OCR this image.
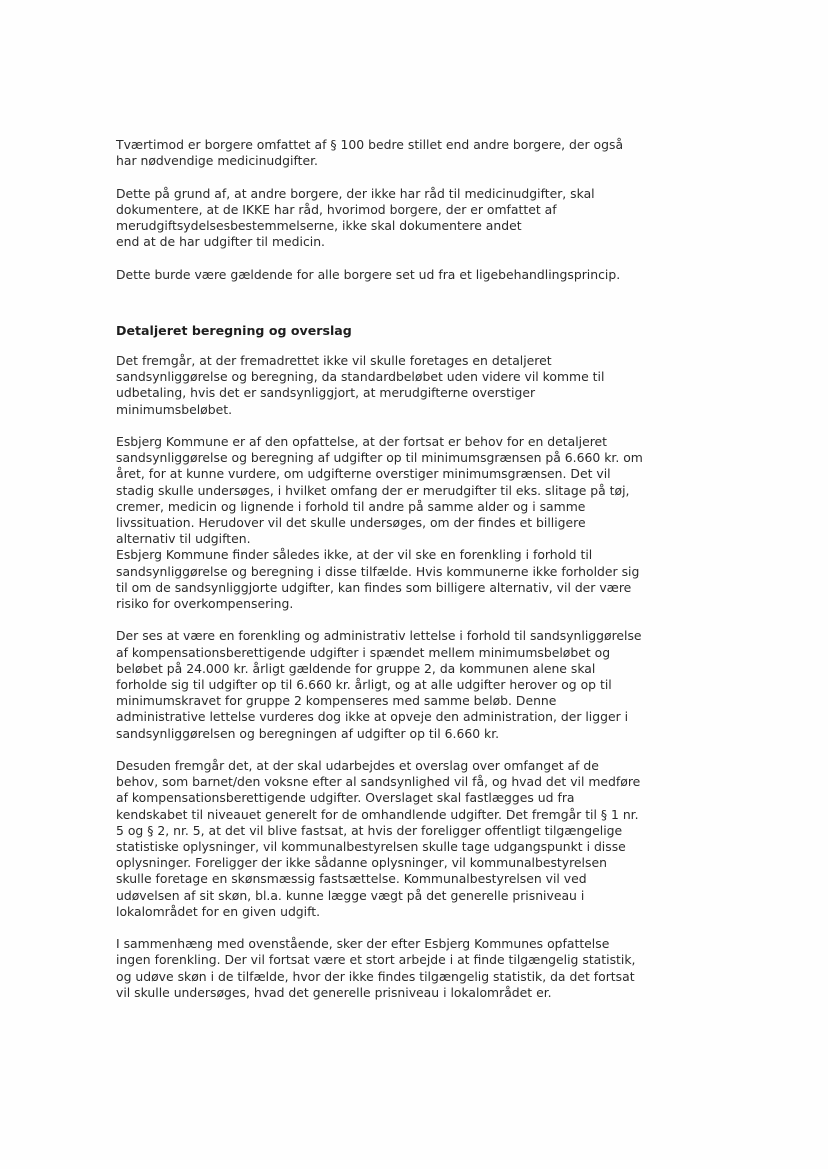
Tværtimod er borgere omfattet af § 100 bedre stillet end andre borgere, der også
har nødvendige medicinudgifter.
Dette på grund af, at andre borgere, der ikke har råd til medicinudgifter, skal
dokumentere, at de IKKE har råd, hvorimod borgere, der er omfattet af
merudgiftsydelsesbestemmelserne, ikke skal dokumentere andet
end at de har udgifter til medicin.
Dette burde være gældende for alle borgere set ud fra et ligebehandlingsprincip.
Detaljeret beregning og overslag
Det fremgår, at der fremadrettet ikke vil skulle foretages en detaljeret
sandsynliggørelse og beregning, da standardbeløbet uden videre vil komme til
udbetaling, hvis det er sandsynliggjort, at merudgifterne overstiger
minimumsbeløbet.
Esbjerg Kommune er af den opfattelse, at der fortsat er behov for en detaljeret
sandsynliggørelse og beregning af udgifter op til minimumsgrænsen på 6.660 kr. om
året, for at kunne vurdere, om udgifterne overstiger minimumsgrænsen. Det vil
stadig skulle undersøges, i hvilket omfang der er merudgifter til eks. slitage på tøj,
cremer, medicin og lignende i forhold til andre på samme alder og i samme
livssituation. Herudover vil det skulle undersøges, om der findes et billigere
alternativ til udgiften.
Esbjerg Kommune finder således ikke, at der vil ske en forenkling i forhold til
sandsynliggørelse og beregning i disse tilfælde. Hvis kommunerne ikke forholder sig
til om de sandsynliggjorte udgifter, kan findes som billigere alternativ, vil der være
risiko for overkompensering.
Der ses at være en forenkling og administrativ lettelse i forhold til sandsynliggørelse
af kompensationsberettigende udgifter i spændet mellem minimumsbeløbet og
beløbet på 24.000 kr. årligt gældende for gruppe 2, da kommunen alene skal
forholde sig til udgifter op til 6.660 kr. årligt, og at alle udgifter herover og op til
minimumskravet for gruppe 2 kompenseres med samme beløb. Denne
administrative lettelse vurderes dog ikke at opveje den administration, der ligger i
sandsynliggørelsen og beregningen af udgifter op til 6.660 kr.
Desuden fremgår det, at der skal udarbejdes et overslag over omfanget af de
behov, som barnet/den voksne efter al sandsynlighed vil få, og hvad det vil medføre
af kompensationsberettigende udgifter. Overslaget skal fastlægges ud fra
kendskabet til niveauet generelt for de omhandlende udgifter. Det fremgår til § 1 nr.
5 og § 2, nr. 5, at det vil blive fastsat, at hvis der foreligger offentligt tilgængelige
statistiske oplysninger, vil kommunalbestyrelsen skulle tage udgangspunkt i disse
oplysninger. Foreligger der ikke sådanne oplysninger, vil kommunalbestyrelsen
skulle foretage en skønsmæssig fastsættelse. Kommunalbestyrelsen vil ved
udøvelsen af sit skøn, bl.a. kunne lægge vægt på det generelle prisniveau i
lokalområdet for en given udgift.
I sammenhæng med ovenstående, sker der efter Esbjerg Kommunes opfattelse
ingen forenkling. Der vil fortsat være et stort arbejde i at finde tilgængelig statistik,
og udøve skøn i de tilfælde, hvor der ikke findes tilgængelig statistik, da det fortsat
vil skulle undersøges, hvad det generelle prisniveau i lokalområdet er.
